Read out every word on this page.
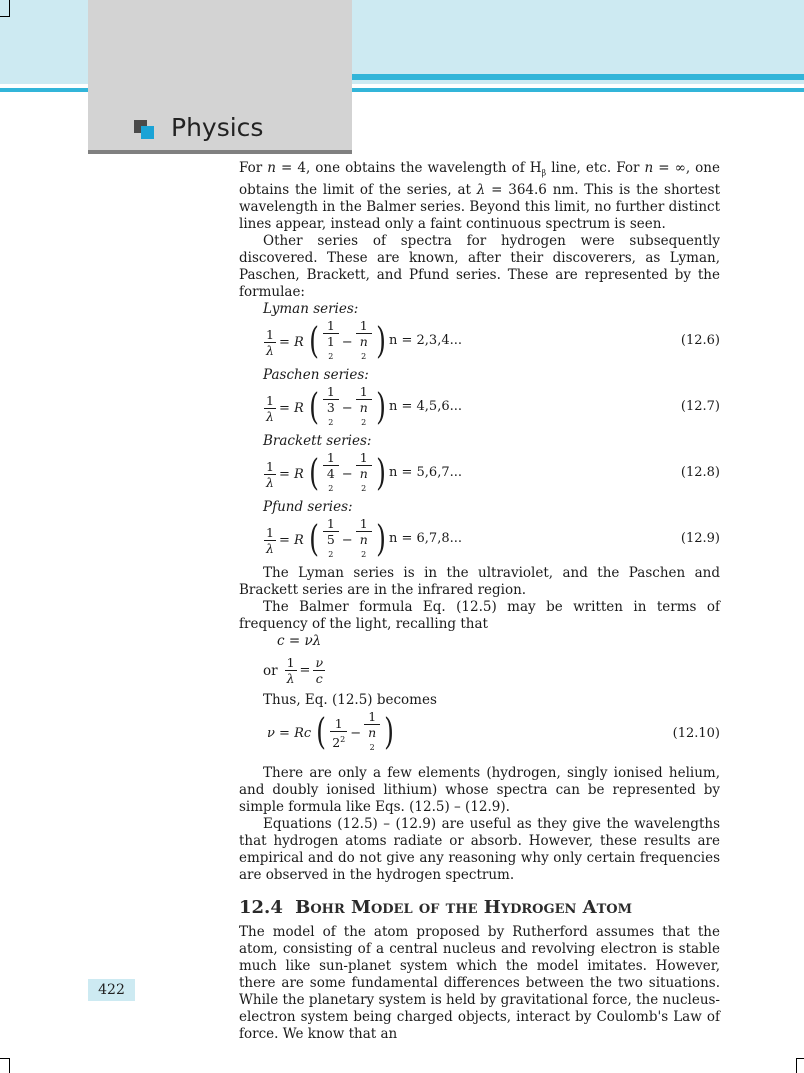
Physics

For n = 4, one obtains the wavelength of $H_\beta$ line, etc. For n = ∞, one obtains the limit of the series, at λ = 364.6 nm. This is the shortest wavelength in the Balmer series. Beyond this limit, no further distinct lines appear, instead only a faint continuous spectrum is seen.

Other series of spectra for hydrogen were subsequently discovered. These are known, after their discoverers, as Lyman, Paschen, Brackett, and Pfund series. These are represented by the formulae:

Lyman series:

$\frac{1}{\lambda} = R$ ( 1
1
$^2$ − 1
n
$^2$ ) n = 2,3,4...	(12.6)

Paschen series:

$\frac{1}{\lambda} = R$ ( 1
3
$^2$ − 1
n
$^2$ ) n = 4,5,6...	(12.7)

Brackett series:

$\frac{1}{\lambda} = R$ ( 1
4
$^2$ − 1
n
$^2$ ) n = 5,6,7...	(12.8)

Pfund series:

$\frac{1}{\lambda} = R$ ( 1
5
$^2$ − 1
n
$^2$ ) n = 6,7,8...	(12.9)

The Lyman series is in the ultraviolet, and the Paschen and Brackett series are in the infrared region.

The Balmer formula Eq. (12.5) may be written in terms of frequency of the light, recalling that

c = νλ

or $\frac{1}{\lambda} = \frac{\nu}{c}$

Thus, Eq. (12.5) becomes

ν = Rc ( $\frac{1}{2^2} - 1$
n
$^2$ )	(12.10)

There are only a few elements (hydrogen, singly ionised helium, and doubly ionised lithium) whose spectra can be represented by simple formula like Eqs. (12.5) – (12.9).

Equations (12.5) – (12.9) are useful as they give the wavelengths that hydrogen atoms radiate or absorb. However, these results are empirical and do not give any reasoning why only certain frequencies are observed in the hydrogen spectrum.

12.4 Bohr Model of the Hydrogen Atom

The model of the atom proposed by Rutherford assumes that the atom, consisting of a central nucleus and revolving electron is stable much like sun-planet system which the model imitates. However, there are some fundamental differences between the two situations. While the planetary system is held by gravitational force, the nucleus-electron system being charged objects, interact by Coulomb's Law of force. We know that an

422
